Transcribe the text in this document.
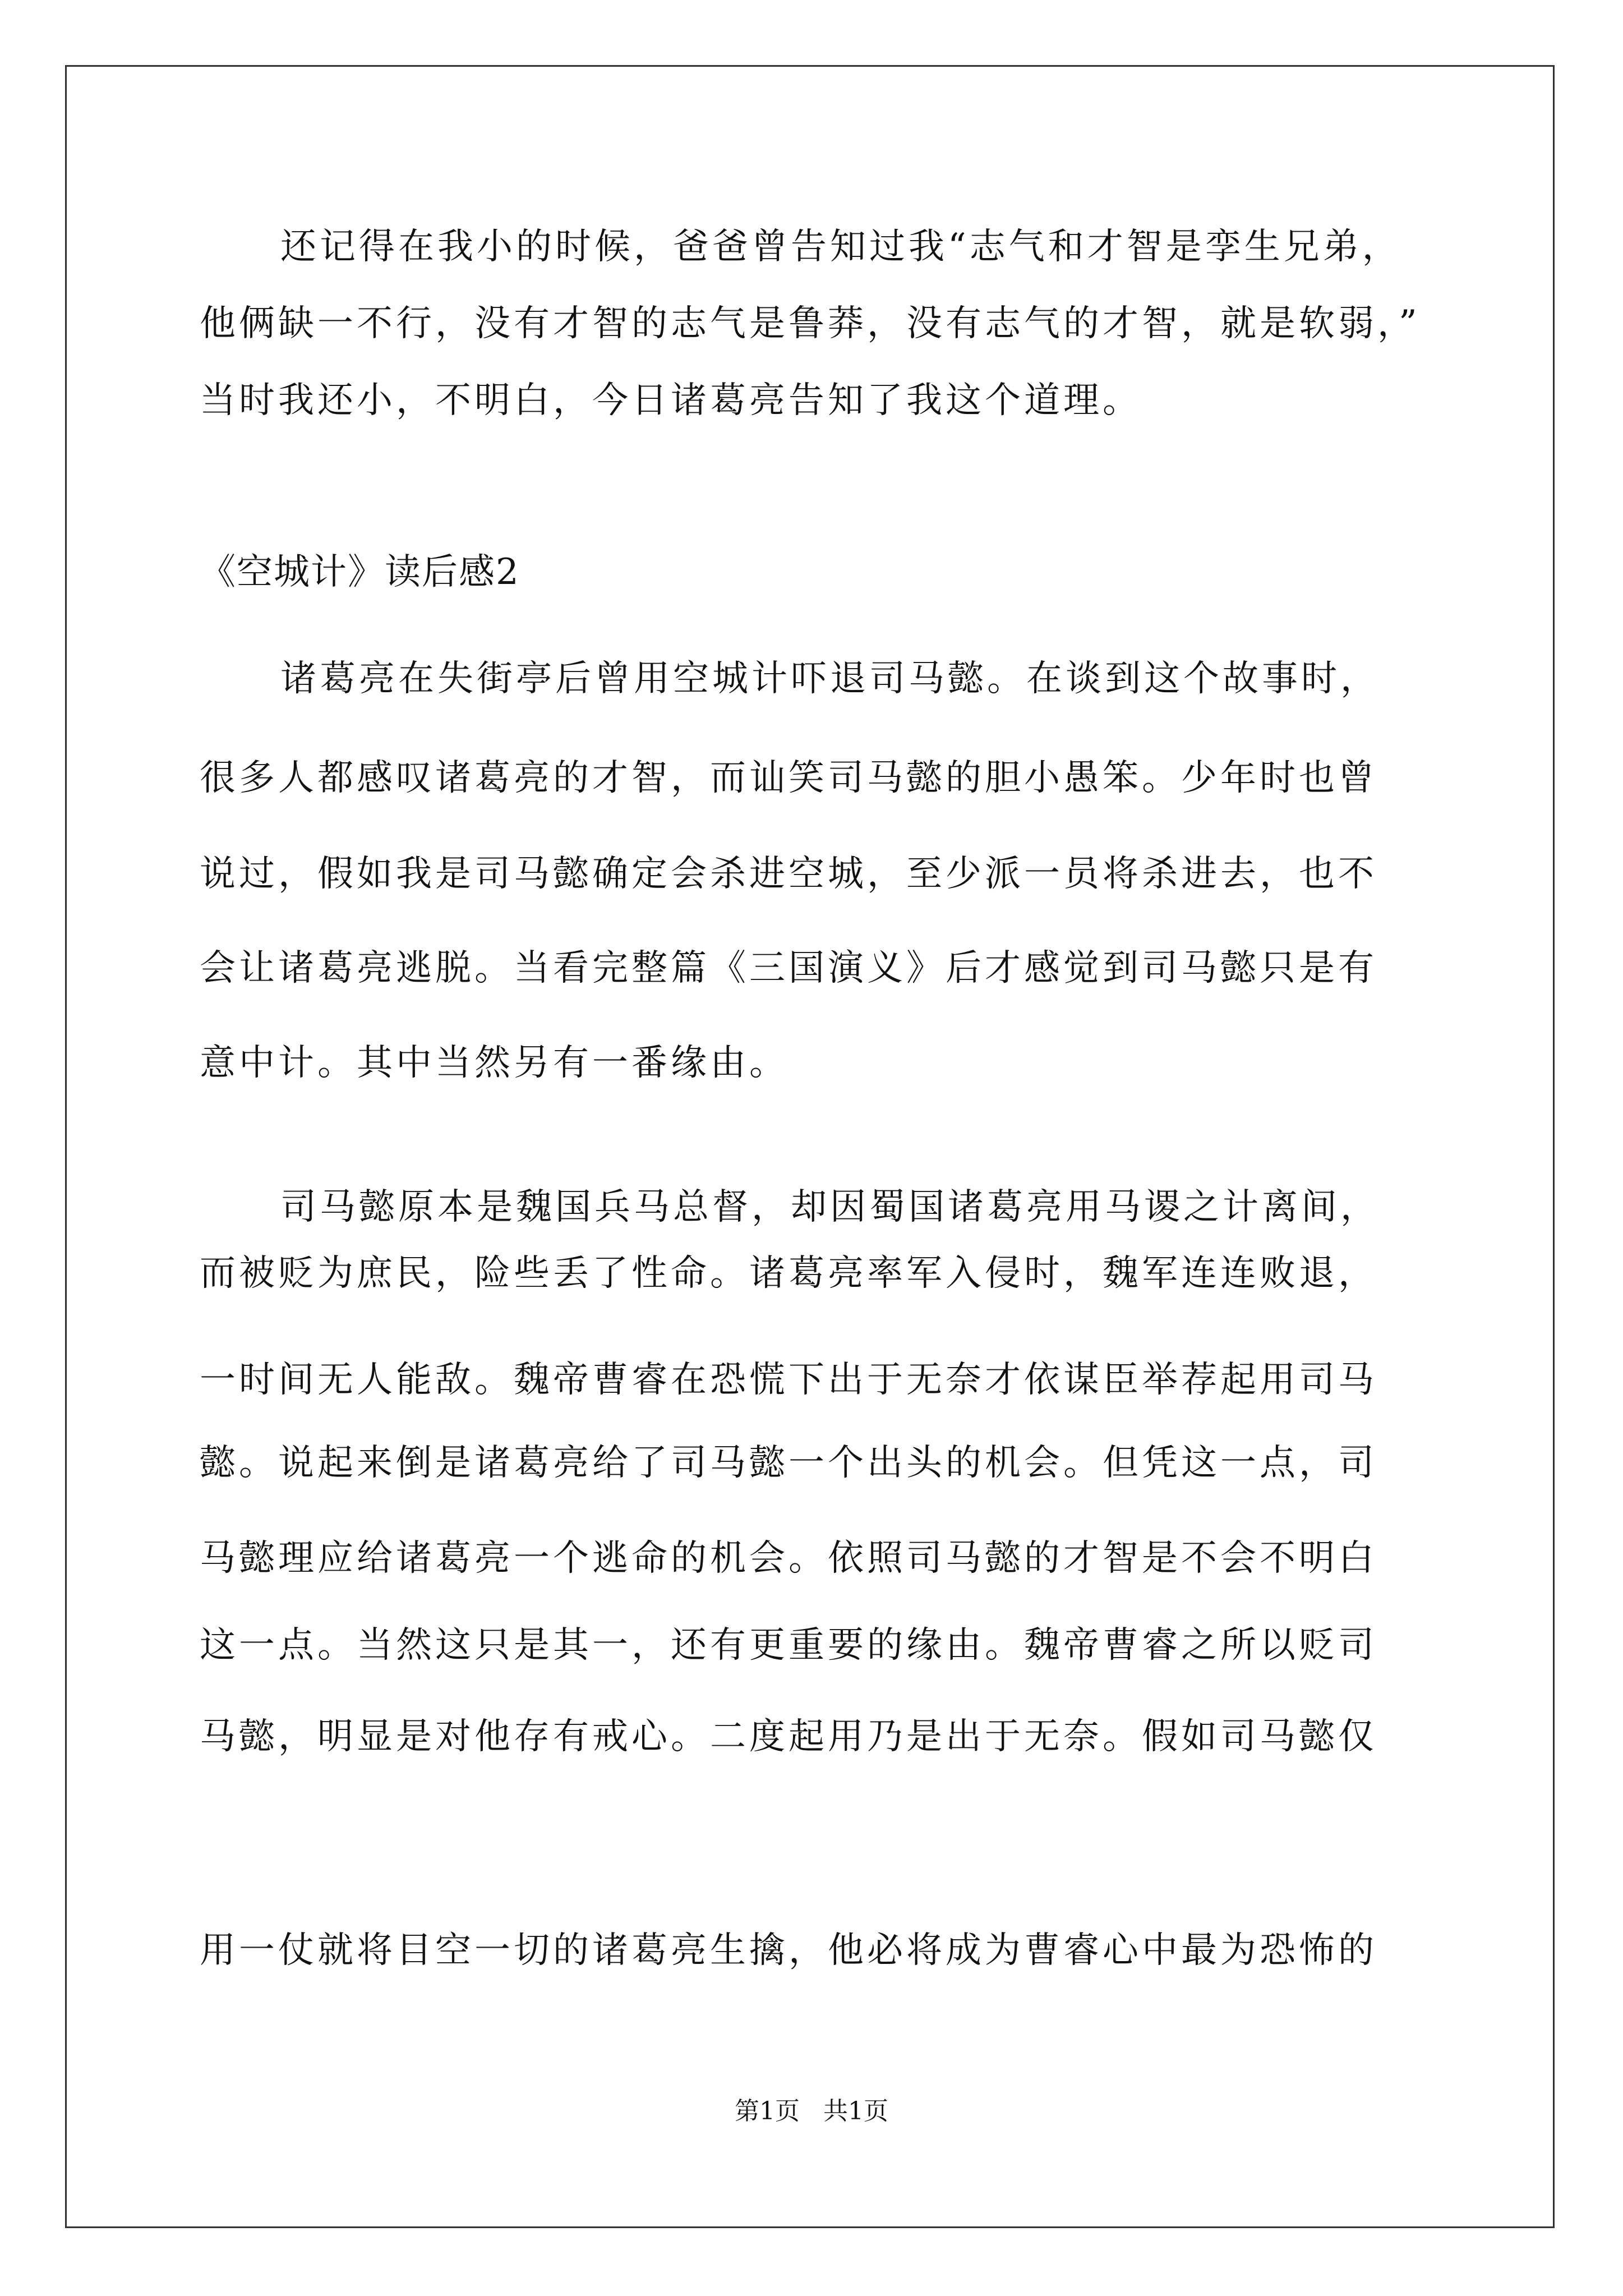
还记得在我小的时候，爸爸曾告知过我“志气和才智是孪生兄弟，
他俩缺一不行，没有才智的志气是鲁莽，没有志气的才智，就是软弱，”
当时我还小，不明白，今日诸葛亮告知了我这个道理。
《空城计》读后感2
诸葛亮在失街亭后曾用空城计吓退司马懿。在谈到这个故事时，
很多人都感叹诸葛亮的才智，而讪笑司马懿的胆小愚笨。少年时也曾
说过，假如我是司马懿确定会杀进空城，至少派一员将杀进去，也不
会让诸葛亮逃脱。当看完整篇《三国演义》后才感觉到司马懿只是有
意中计。其中当然另有一番缘由。
司马懿原本是魏国兵马总督，却因蜀国诸葛亮用马谡之计离间，
而被贬为庶民，险些丢了性命。诸葛亮率军入侵时，魏军连连败退，
一时间无人能敌。魏帝曹睿在恐慌下出于无奈才依谋臣举荐起用司马
懿。说起来倒是诸葛亮给了司马懿一个出头的机会。但凭这一点，司
马懿理应给诸葛亮一个逃命的机会。依照司马懿的才智是不会不明白
这一点。当然这只是其一，还有更重要的缘由。魏帝曹睿之所以贬司
马懿，明显是对他存有戒心。二度起用乃是出于无奈。假如司马懿仅
用一仗就将目空一切的诸葛亮生擒，他必将成为曹睿心中最为恐怖的
第1页 共1页
